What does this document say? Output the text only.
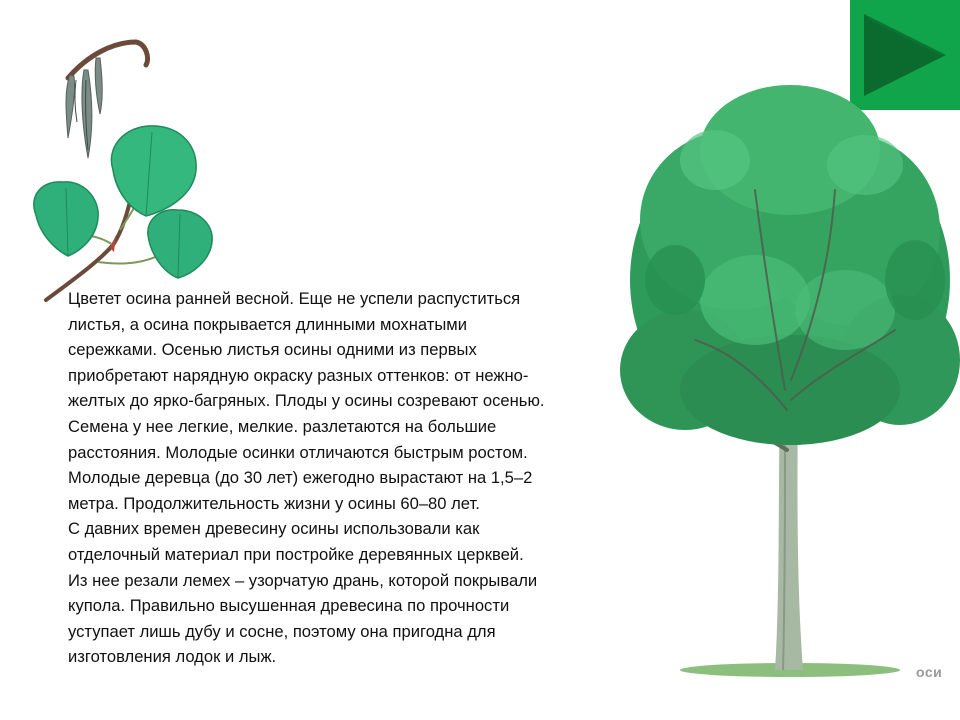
Цветет осина ранней весной. Еще не успели распуститься
листья, а осина покрывается длинными мохнатыми
сережками. Осенью листья осины одними из первых
приобретают нарядную окраску разных оттенков: от нежно-
желтых до ярко-багряных. Плоды у осины созревают осенью.
Семена у нее легкие, мелкие. разлетаются на большие
расстояния. Молодые осинки отличаются быстрым ростом.
Молодые деревца (до 30 лет) ежегодно вырастают на 1,5–2
метра. Продолжительность жизни у осины 60–80 лет.

С давних времен древесину осины использовали как
отделочный материал при постройке деревянных церквей.
Из нее резали лемех – узорчатую дрань, которой покрывали
купола. Правильно высушенная древесина по прочности
уступает лишь дубу и сосне, поэтому она пригодна для
изготовления лодок и лыж.

оси
